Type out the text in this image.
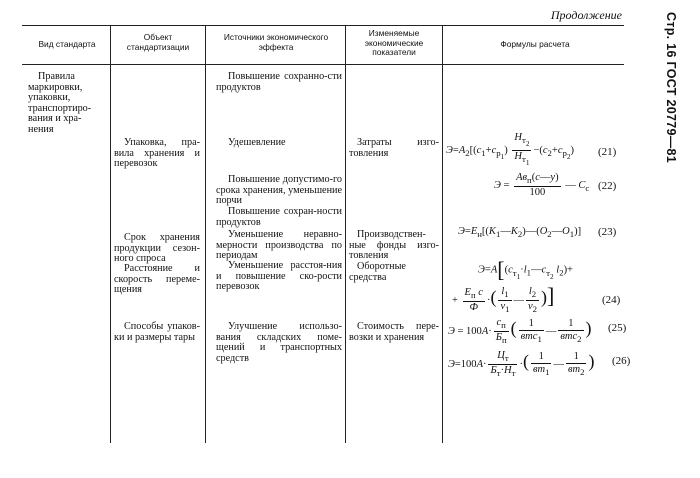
Продолжение	Стр. 16 ГОСТ 20779—81
Вид стандарта
Объект стандартизации
Источники экономического эффекта
Изменяемые экономические показатели
Формулы расчета
Правила маркировки, упаковки, транспортиро-вания и хра-нения
Упаковка, пра-вила хранения и перевозок
Срок хранения продукции сезон-ного спроса
Расстояние и скорость переме-щения
Способы упаков-ки и размеры тары
Повышение сохранно-сти продуктов
Удешевление
Повышение допустимо-го срока хранения, уменьшение порчи
Повышение сохран-ности продуктов
Уменьшение неравно-мерности производства по периодам
Уменьшение расстоя-ния и повышение ско-рости перевозок
Улучшение использо-вания складских поме-щений и транспортных средств
Затраты изго-товления
Производствен-ные фонды изго-товления
Оборотные средства
Стоимость пере-возки и хранения
$Э=A_2[(c_1+c_{p_1}) \frac{H_{т_2}}{H_{т_1}} -(c_2+c_{p_2})$ (21)
$Э = \frac{Aв_п(c—y)}{100}$ — $C_c$ (22)
$Э=E_н[(K_1—K_2)—(O_2—O_1)]$ (23)
$Э=A[(c_{т_1}\cdot l_1—c_{т_2}$ $l_2)+$
+ $\frac{E_п c}{Ф}$ ·( $\frac{l_1}{v_1}$ — $\frac{l_2}{v_2}$ )]	(24)
$Э = 100A\cdot \frac{c_п}{Б_п}$ ( $\frac{1}{втс_1}$ — $\frac{1}{втс_2}$ ) (25)
$Э=100A\cdot \frac{Ц_т}{Б_т\cdot H_т}$ ·( $\frac{1}{вт_1}$ — $\frac{1}{вт_2}$ ) (26)
